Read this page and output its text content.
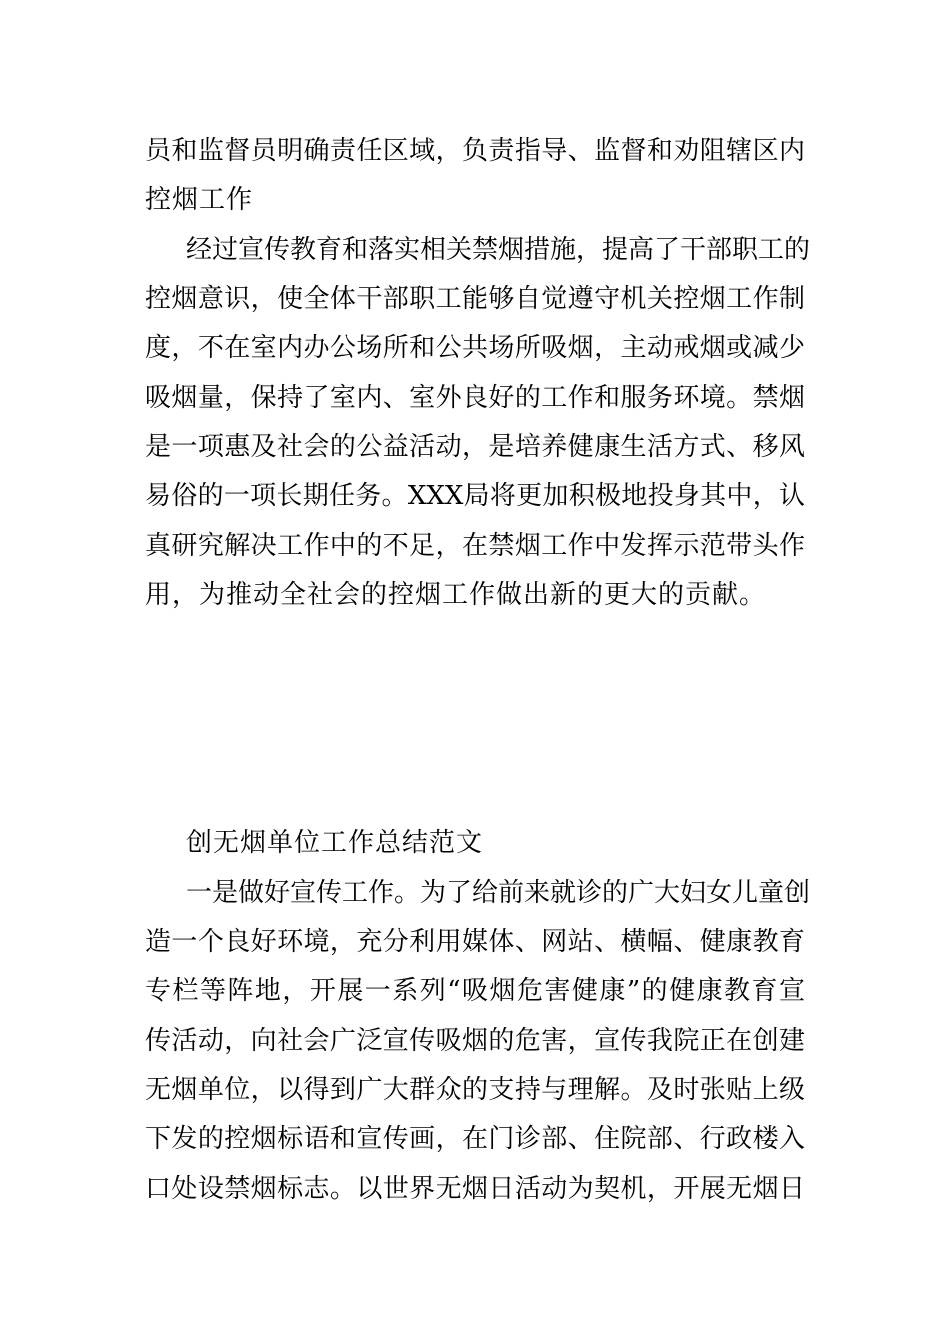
员和监督员明确责任区域，负责指导、监督和劝阻辖区内
控烟工作
经过宣传教育和落实相关禁烟措施，提高了干部职工的
控烟意识，使全体干部职工能够自觉遵守机关控烟工作制
度，不在室内办公场所和公共场所吸烟，主动戒烟或减少
吸烟量，保持了室内、室外良好的工作和服务环境。禁烟
是一项惠及社会的公益活动，是培养健康生活方式、移风
易俗的一项长期任务。XXX局将更加积极地投身其中，认
真研究解决工作中的不足，在禁烟工作中发挥示范带头作
用，为推动全社会的控烟工作做出新的更大的贡献。
创无烟单位工作总结范文
一是做好宣传工作。为了给前来就诊的广大妇女儿童创
造一个良好环境，充分利用媒体、网站、横幅、健康教育
专栏等阵地，开展一系列“吸烟危害健康”的健康教育宣
传活动，向社会广泛宣传吸烟的危害，宣传我院正在创建
无烟单位，以得到广大群众的支持与理解。及时张贴上级
下发的控烟标语和宣传画，在门诊部、住院部、行政楼入
口处设禁烟标志。以世界无烟日活动为契机，开展无烟日
